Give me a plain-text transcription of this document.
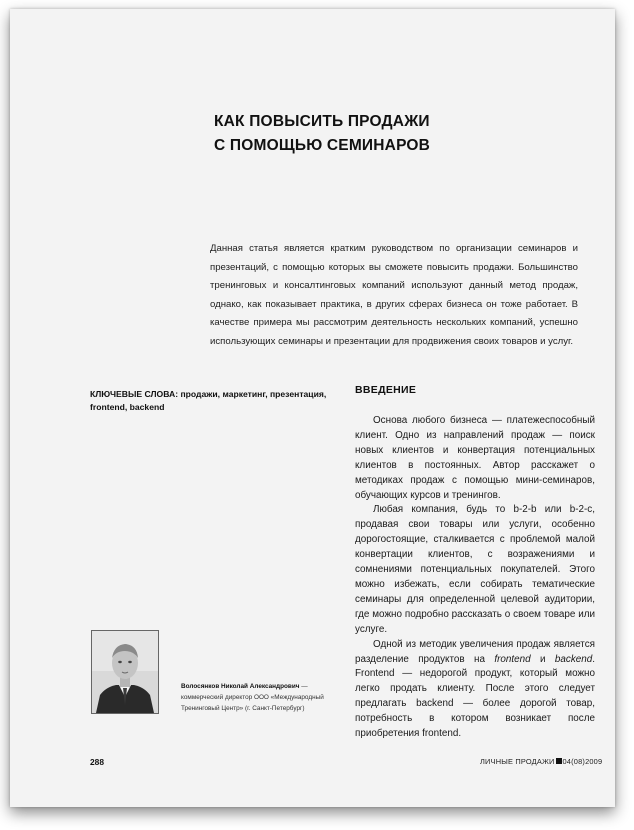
КАК ПОВЫСИТЬ ПРОДАЖИ
С ПОМОЩЬЮ СЕМИНАРОВ
Данная статья является кратким руководством по организации семинаров и презентаций, с помощью которых вы сможете повысить продажи. Большинство тренинговых и консалтинговых компаний используют данный метод продаж, однако, как показывает практика, в других сферах бизнеса он тоже работает. В качестве примера мы рассмотрим деятельность нескольких компаний, успешно использующих семинары и презентации для продвижения своих товаров и услуг.
КЛЮЧЕВЫЕ СЛОВА: продажи, маркетинг, презентация, frontend, backend
ВВЕДЕНИЕ

Основа любого бизнеса — платежеспособный клиент. Одно из направлений продаж — поиск новых клиентов и конвертация потенциальных клиентов в постоянных. Автор расскажет о методиках продаж с помощью мини-семинаров, обучающих курсов и тренингов.

Любая компания, будь то b-2-b или b-2-c, продавая свои товары или услуги, особенно дорогостоящие, сталкивается с проблемой малой конвертации клиентов, с возражениями и сомнениями потенциальных покупателей. Этого можно избежать, если собирать тематические семинары для определенной целевой аудитории, где можно подробно рассказать о своем товаре или услуге.

Одной из методик увеличения продаж является разделение продуктов на frontend и backend. Frontend — недорогой продукт, который можно легко продать клиенту. После этого следует предлагать backend — более дорогой товар, потребность в котором возникает после приобретения frontend.

Волосянков Николай Александрович — коммерческий директор ООО «Международный Тренинговый Центр» (г. Санкт-Петербург)
288	ЛИЧНЫЕ ПРОДАЖИ 04(08)2009
